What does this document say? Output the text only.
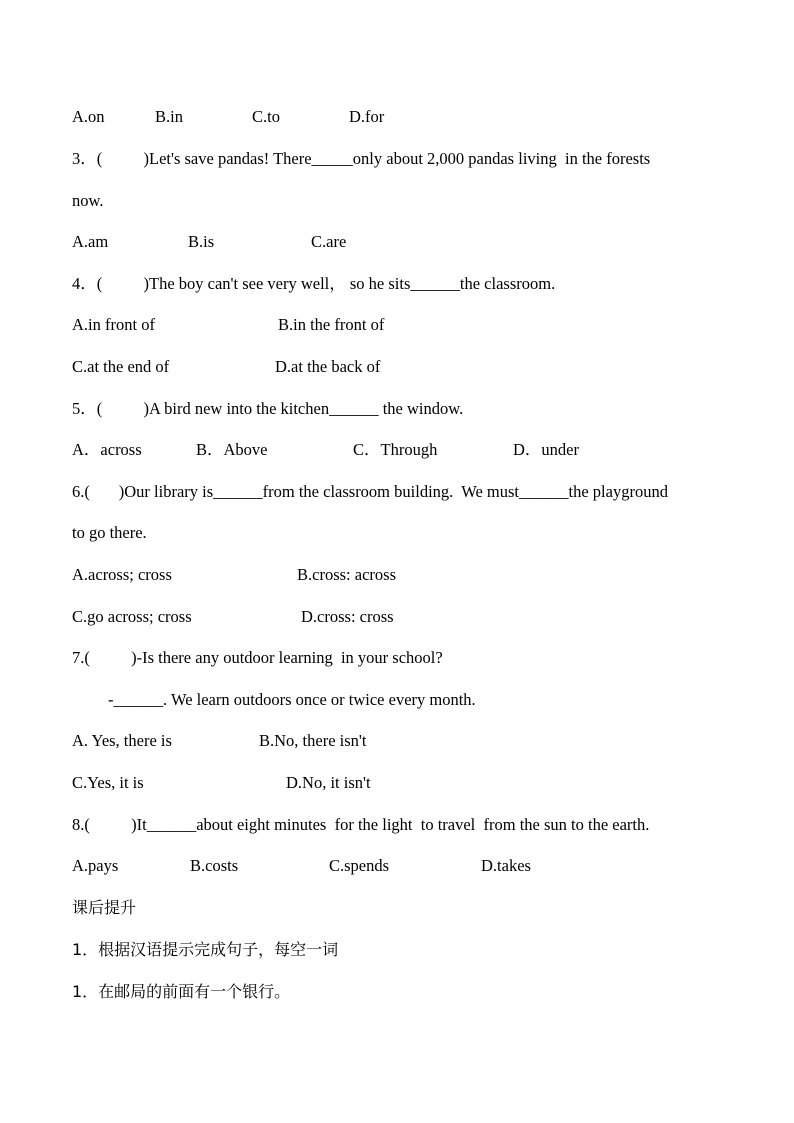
A.on	B.in	C.to	D.for
3．(          )Let's save pandas! There_____only about 2,000 pandas living  in the forests
now.
A.am	B.is	C.are
4．(          )The boy can't see very well， so he sits______the classroom.
A.in front of	B.in the front of
C.at the end of	D.at the back of
5．(          )A bird new into the kitchen______ the window.
A．across	B．Above	C．Through	D．under
6.(       )Our library is______from the classroom building.  We must______the playground
to go there.
A.across; cross	B.cross: across
C.go across; cross	D.cross: cross
7.(          )-Is there any outdoor learning  in your school?
-______. We learn outdoors once or twice every month.
A. Yes, there is	B.No, there isn't
C.Yes, it is	D.No, it isn't
8.(          )It______about eight minutes  for the light  to travel  from the sun to the earth.
A.pays	B.costs	C.spends	D.takes
课后提升
1．根据汉语提示完成句子，每空一词
1．在邮局的前面有一个银行。
